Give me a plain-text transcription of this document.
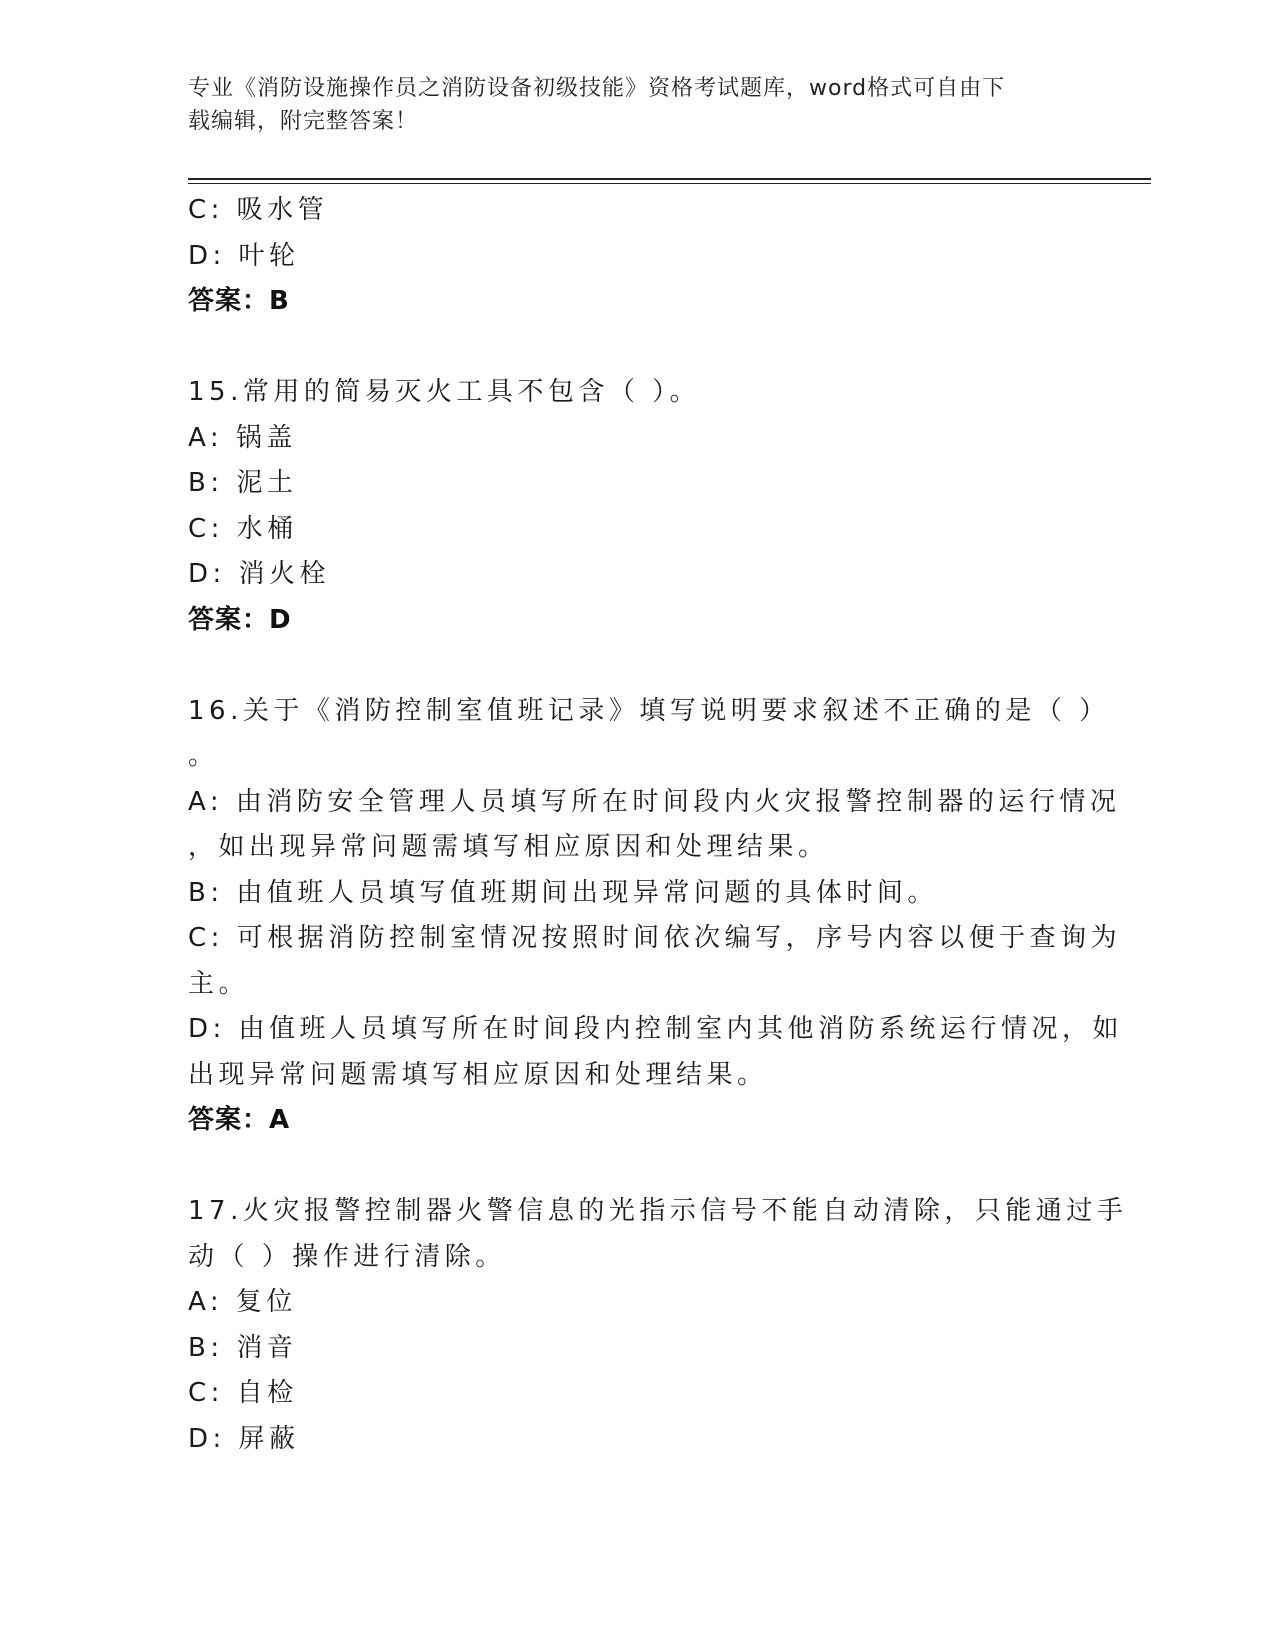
专业《消防设施操作员之消防设备初级技能》资格考试题库，word格式可自由下
载编辑，附完整答案！
C: 吸水管
D: 叶轮
答案：B
15.常用的简易灭火工具不包含（ ）。
A: 锅盖
B: 泥土
C: 水桶
D: 消火栓
答案：D
16.关于《消防控制室值班记录》填写说明要求叙述不正确的是（ ）
。
A: 由消防安全管理人员填写所在时间段内火灾报警控制器的运行情况
，如出现异常问题需填写相应原因和处理结果。
B: 由值班人员填写值班期间出现异常问题的具体时间。
C: 可根据消防控制室情况按照时间依次编写，序号内容以便于查询为
主。
D: 由值班人员填写所在时间段内控制室内其他消防系统运行情况，如
出现异常问题需填写相应原因和处理结果。
答案：A
17.火灾报警控制器火警信息的光指示信号不能自动清除，只能通过手
动（ ）操作进行清除。
A: 复位
B: 消音
C: 自检
D: 屏蔽
